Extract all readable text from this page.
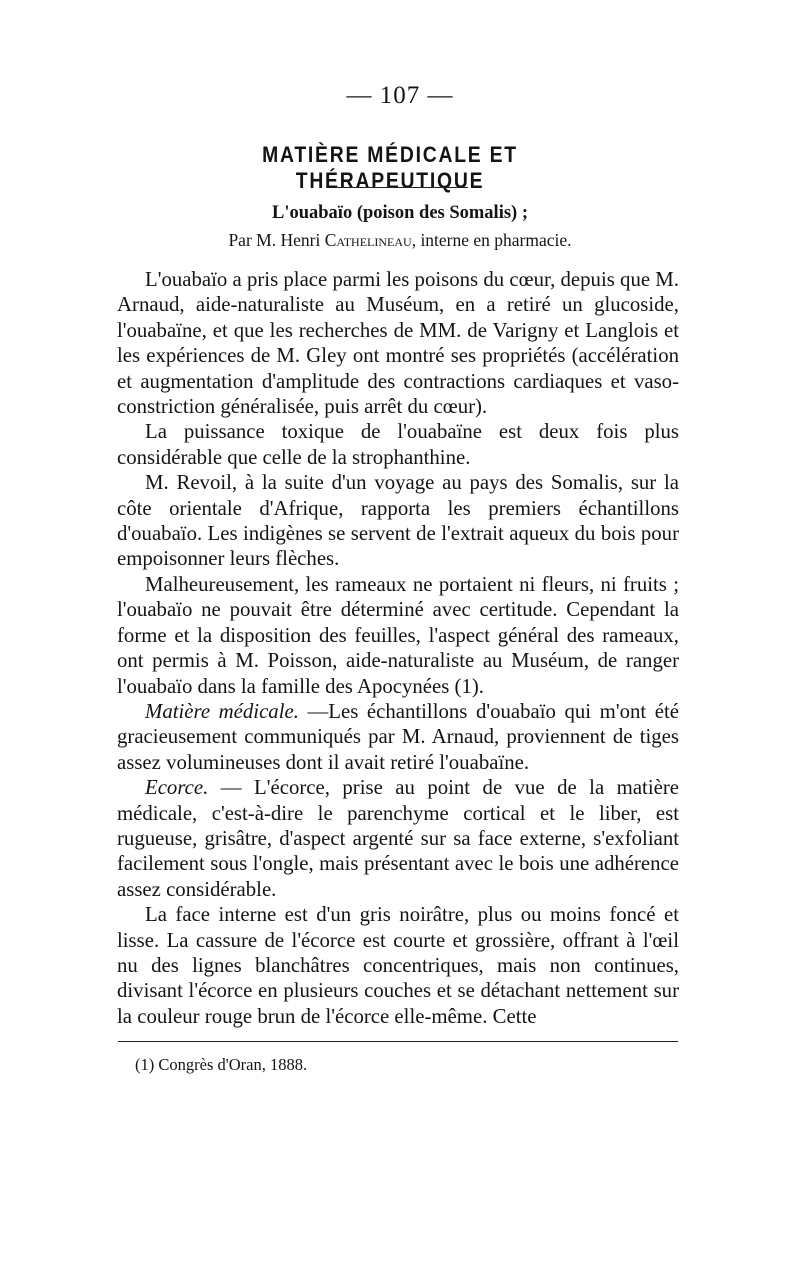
— 107 —
MATIÈRE MÉDICALE ET THÉRAPEUTIQUE
L'ouabaïo (poison des Somalis) ;
Par M. Henri Cathelineau, interne en pharmacie.

L'ouabaïo a pris place parmi les poisons du cœur, depuis que M. Arnaud, aide-naturaliste au Muséum, en a retiré un glucoside, l'ouabaïne, et que les recherches de MM. de Varigny et Langlois et les expériences de M. Gley ont montré ses propriétés (accélération et augmentation d'amplitude des contractions cardiaques et vaso-constriction généralisée, puis arrêt du cœur).

La puissance toxique de l'ouabaïne est deux fois plus considérable que celle de la strophanthine.

M. Revoil, à la suite d'un voyage au pays des Somalis, sur la côte orientale d'Afrique, rapporta les premiers échantillons d'ouabaïo. Les indigènes se servent de l'extrait aqueux du bois pour empoisonner leurs flèches.

Malheureusement, les rameaux ne portaient ni fleurs, ni fruits ; l'ouabaïo ne pouvait être déterminé avec certitude. Cependant la forme et la disposition des feuilles, l'aspect général des rameaux, ont permis à M. Poisson, aide-naturaliste au Muséum, de ranger l'ouabaïo dans la famille des Apocynées (1).

Matière médicale. —Les échantillons d'ouabaïo qui m'ont été gracieusement communiqués par M. Arnaud, proviennent de tiges assez volumineuses dont il avait retiré l'ouabaïne.

Ecorce. — L'écorce, prise au point de vue de la matière médicale, c'est-à-dire le parenchyme cortical et le liber, est rugueuse, grisâtre, d'aspect argenté sur sa face externe, s'exfoliant facilement sous l'ongle, mais présentant avec le bois une adhérence assez considérable.

La face interne est d'un gris noirâtre, plus ou moins foncé et lisse. La cassure de l'écorce est courte et grossière, offrant à l'œil nu des lignes blanchâtres concentriques, mais non continues, divisant l'écorce en plusieurs couches et se détachant nettement sur la couleur rouge brun de l'écorce elle-même. Cette

(1) Congrès d'Oran, 1888.
